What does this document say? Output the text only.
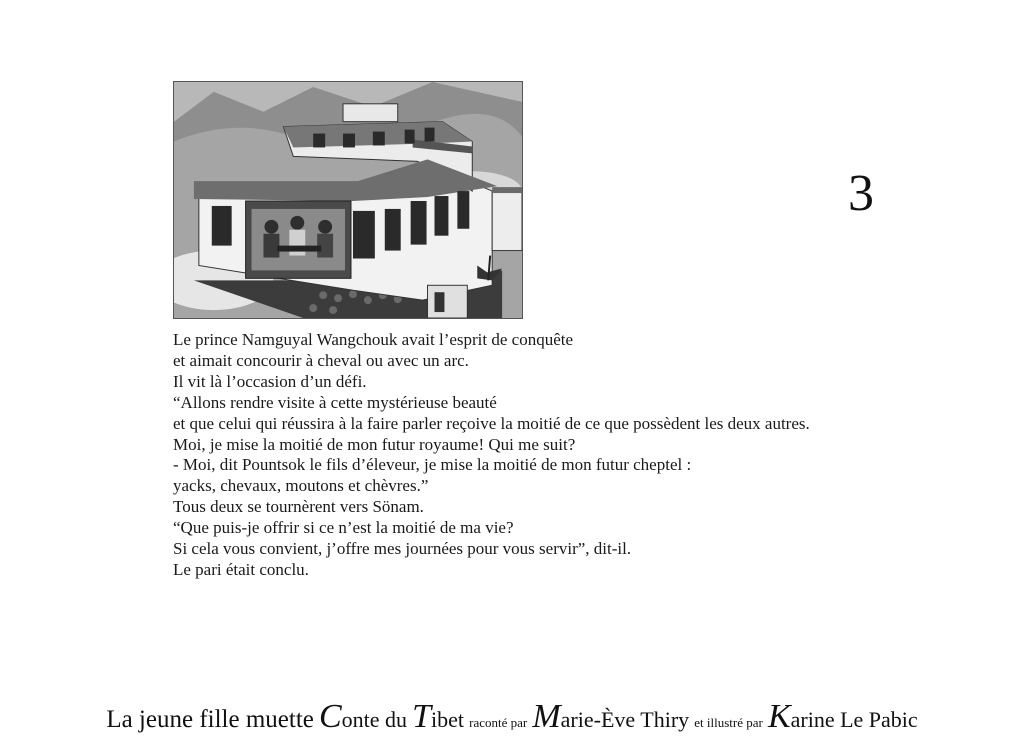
3

Le prince Namguyal Wangchouk avait l’esprit de conquête

et aimait concourir à cheval ou avec un arc.

Il vit là l’occasion d’un défi.

“Allons rendre visite à cette mystérieuse beauté

et que celui qui réussira à la faire parler reçoive la moitié de ce que possèdent les deux autres.

Moi, je mise la moitié de mon futur royaume! Qui me suit?

- Moi, dit Pountsok le fils d’éleveur, je mise la moitié de mon futur cheptel :

yacks, chevaux, moutons et chèvres.”

Tous deux se tournèrent vers Sönam.

“Que puis-je offrir si ce n’est la moitié de ma vie?

Si cela vous convient, j’offre mes journées pour vous servir”, dit-il.

Le pari était conclu.

La jeune fille muette Conte du Tibet raconté par Marie-Ève Thiry et illustré par Karine Le Pabic
